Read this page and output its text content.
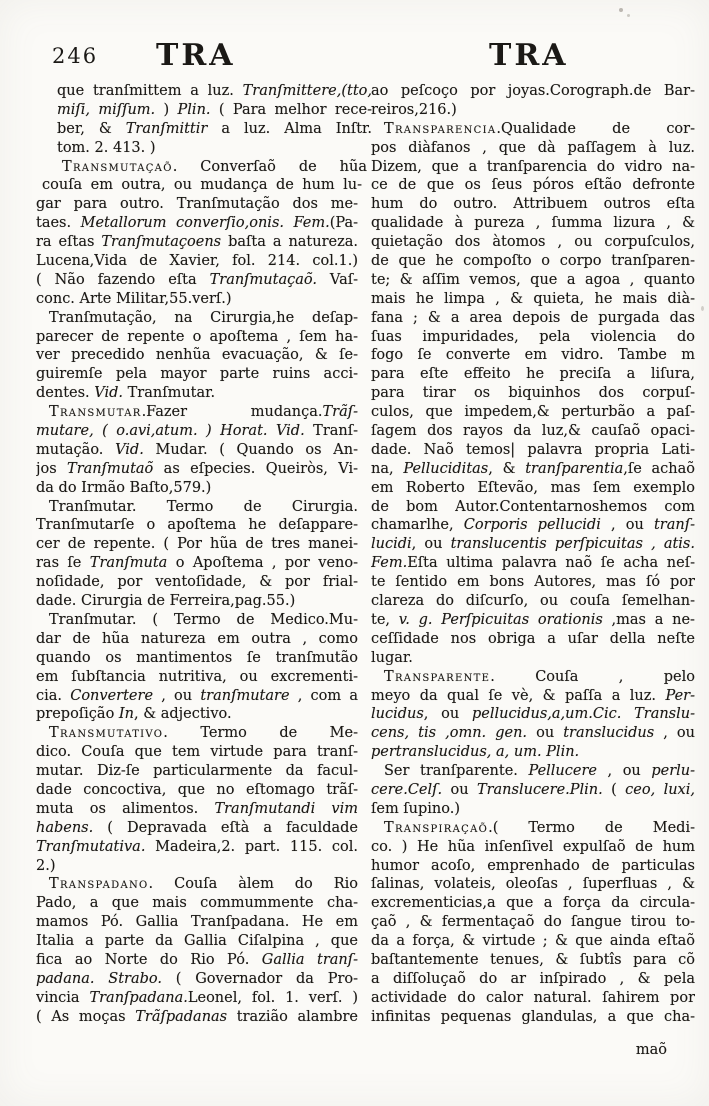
246 TRA	TRA
que tranſmittem a luz. Tranſmittere,(tto,
miſi, miſſum. ) Plin. ( Para melhor rece-
ber, & Tranſmittir a luz. Alma Inſtr.
tom. 2. 413. )
Transmutaçaõ. Converſaõ de hũa
couſa em outra, ou mudança de hum lu-
gar para outro. Tranſmutação dos me-
taes. Metallorum converſio,onis. Fem.(Pa-
ra eſtas Tranſmutaçoens baſta a natureza.
Lucena,Vida de Xavier, fol. 214. col.1.)
( Não fazendo eſta Tranſmutaçaõ. Vaſ-
conc. Arte Militar,55.verſ.)
Tranſmutação, na Cirurgia,he deſap-
parecer de repente o apoſtema , ſem ha-
ver precedido nenhũa evacuação, & ſe-
guiremſe pela mayor parte ruins acci-
dentes. Vid. Tranſmutar.
Transmutar.Fazer mudança.Trãſ-
mutare, ( o.avi,atum. ) Horat. Vid. Tranſ-
mutação. Vid. Mudar. ( Quando os An-
jos Tranſmutaõ as eſpecies. Queiròs, Vi-
da do Irmão Baſto,579.)
Tranſmutar. Termo de Cirurgia.
Tranſmutarſe o apoſtema he deſappare-
cer de repente. ( Por hũa de tres manei-
ras ſe Tranſmuta o Apoſtema , por veno-
noſidade, por ventoſidade, & por frial-
dade. Cirurgia de Ferreira,pag.55.)
Tranſmutar. ( Termo de Medico.Mu-
dar de hũa natureza em outra , como
quando os mantimentos ſe tranſmutão
em ſubſtancia nutritiva, ou excrementi-
cia. Convertere , ou tranſmutare , com a
prepoſição In, & adjectivo.
Transmutativo. Termo de Me-
dico. Couſa que tem virtude para tranſ-
mutar. Diz-ſe particularmente da facul-
dade concoctiva, que no eſtomago trãſ-
muta os alimentos. Tranſmutandi vim
habens. ( Depravada eſtà a faculdade
Tranſmutativa. Madeira,2. part. 115. col.
2.)
Transpadano. Couſa àlem do Rio
Pado, a que mais commummente cha-
mamos Pó. Gallia Tranſpadana. He em
Italia a parte da Gallia Ciſalpina , que
fica ao Norte do Rio Pó. Gallia tranſ-
padana. Strabo. ( Governador da Pro-
vincia Tranſpadana.Leonel, fol. 1. verſ. )
( As moças Trãſpadanas trazião alambre
ao peſcoço por joyas.Corograph.de Bar-
reiros,216.)
Transparencia.Qualidade de cor-
pos diàfanos , que dà paſſagem à luz.
Dizem, que a tranſparencia do vidro na-
ce de que os ſeus póros eſtão defronte
hum do outro. Attribuem outros eſta
qualidade à pureza , ſumma lizura , &
quietação dos àtomos , ou corpuſculos,
de que he compoſto o corpo tranſparen-
te; & aſſim vemos, que a agoa , quanto
mais he limpa , & quieta, he mais dià-
fana ; & a area depois de purgada das
ſuas impuridades, pela violencia do
fogo ſe converte em vidro. Tambe m
para eſte effeito he preciſa a liſura,
para tirar os biquinhos dos corpuſ-
culos, que impedem,& perturbão a paſ-
ſagem dos rayos da luz,& cauſaõ opaci-
dade. Naõ temos| palavra propria Lati-
na, Pelluciditas, & tranſparentia,ſe achaõ
em Roberto Eſtevão, mas ſem exemplo
de bom Autor.Contentarnoshemos com
chamarlhe, Corporis pellucidi , ou tranſ-
lucidi, ou translucentis perſpicuitas , atis.
Fem.Eſta ultima palavra naõ ſe acha neſ-
te ſentido em bons Autores, mas ſó por
clareza do diſcurſo, ou couſa ſemelhan-
te, v. g. Perſpicuitas orationis ,mas a ne-
ceſſidade nos obriga a uſar della neſte
lugar.
Transparente. Couſa , pelo
meyo da qual ſe vè, & paſſa a luz. Per-
lucidus, ou pellucidus,a,um.Cic. Translu-
cens, tis ,omn. gen. ou translucidus , ou
pertranslucidus, a, um. Plin.
Ser tranſparente. Pellucere , ou perlu-
cere.Celſ. ou Translucere.Plin. ( ceo, luxi,
ſem ſupino.)
Transpiraçaõ.( Termo de Medi-
co. ) He hũa inſenſivel expulſaõ de hum
humor acoſo, emprenhado de particulas
ſalinas, volateis, oleoſas , ſuperfluas , &
excrementicias,a que a força da circula-
çaõ , & fermentaçaõ do ſangue tirou to-
da a força, & virtude ; & que ainda eſtaõ
baſtantemente tenues, & ſubtîs para cõ
a diſſoluçaõ do ar inſpirado , & pela
actividade do calor natural. ſahirem por
infinitas pequenas glandulas, a que cha-
maõ
